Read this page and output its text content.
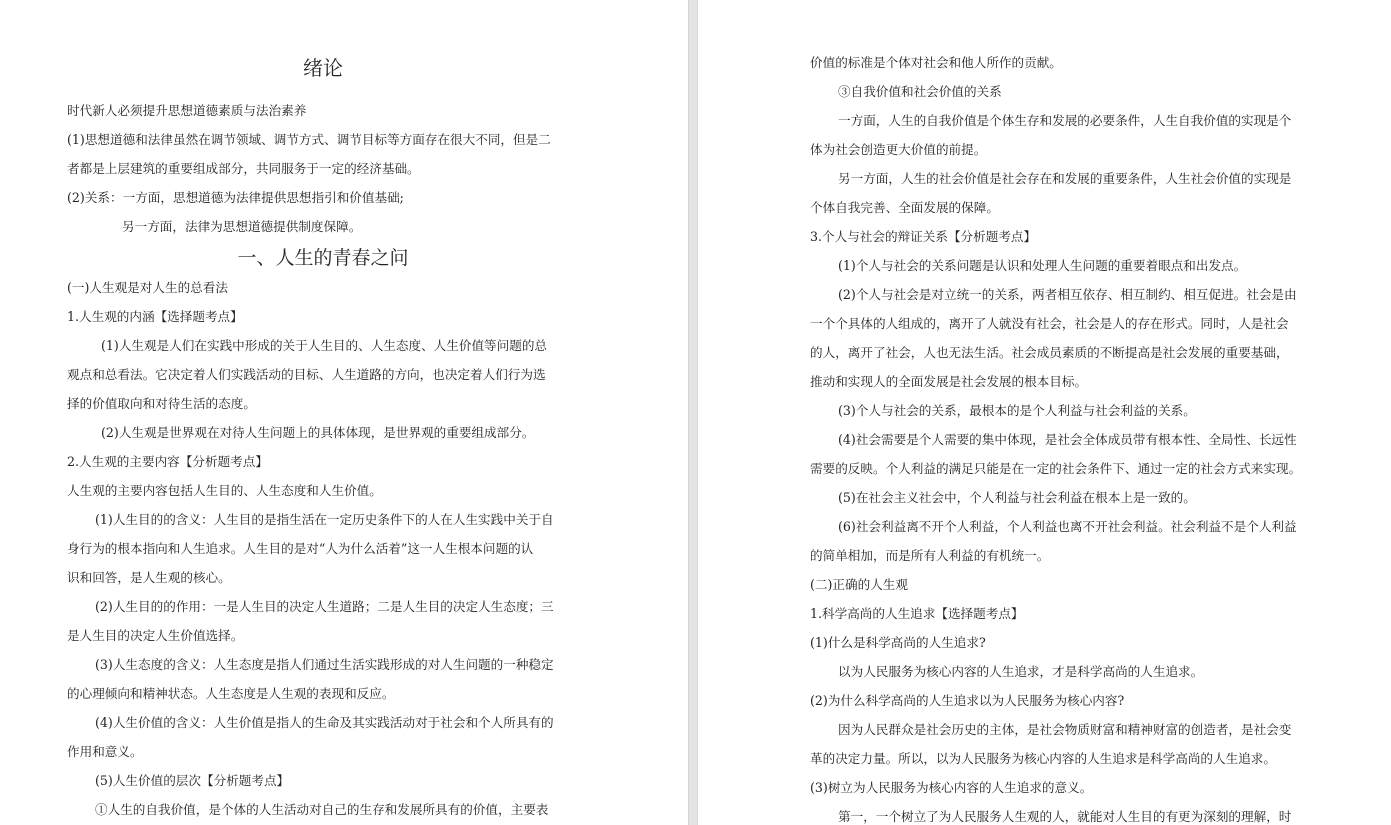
绪论
时代新人必须提升思想道德素质与法治素养
(1)思想道德和法律虽然在调节领域、调节方式、调节目标等方面存在很大不同，但是二
者都是上层建筑的重要组成部分，共同服务于一定的经济基础。
(2)关系：一方面，思想道德为法律提供思想指引和价值基础;
另一方面，法律为思想道德提供制度保障。
一、人生的青春之问
(一)人生观是对人生的总看法
1.人生观的内涵【选择题考点】
(1)人生观是人们在实践中形成的关于人生目的、人生态度、人生价值等问题的总
观点和总看法。它决定着人们实践活动的目标、人生道路的方向，也决定着人们行为选
择的价值取向和对待生活的态度。
(2)人生观是世界观在对待人生问题上的具体体现，是世界观的重要组成部分。
2.人生观的主要内容【分析题考点】
人生观的主要内容包括人生目的、人生态度和人生价值。
(1)人生目的的含义：人生目的是指生活在一定历史条件下的人在人生实践中关于自
身行为的根本指向和人生追求。人生目的是对“人为什么活着”这一人生根本问题的认
识和回答，是人生观的核心。
(2)人生目的的作用：一是人生目的决定人生道路；二是人生目的决定人生态度；三
是人生目的决定人生价值选择。
(3)人生态度的含义：人生态度是指人们通过生活实践形成的对人生问题的一种稳定
的心理倾向和精神状态。人生态度是人生观的表现和反应。
(4)人生价值的含义：人生价值是指人的生命及其实践活动对于社会和个人所具有的
作用和意义。
(5)人生价值的层次【分析题考点】
①人生的自我价值，是个体的人生活动对自己的生存和发展所具有的价值，主要表
价值的标准是个体对社会和他人所作的贡献。
③自我价值和社会价值的关系
一方面，人生的自我价值是个体生存和发展的必要条件，人生自我价值的实现是个
体为社会创造更大价值的前提。
另一方面，人生的社会价值是社会存在和发展的重要条件，人生社会价值的实现是
个体自我完善、全面发展的保障。
3.个人与社会的辩证关系【分析题考点】
(1)个人与社会的关系问题是认识和处理人生问题的重要着眼点和出发点。
(2)个人与社会是对立统一的关系，两者相互依存、相互制约、相互促进。社会是由
一个个具体的人组成的，离开了人就没有社会，社会是人的存在形式。同时，人是社会
的人，离开了社会，人也无法生活。社会成员素质的不断提高是社会发展的重要基础，
推动和实现人的全面发展是社会发展的根本目标。
(3)个人与社会的关系，最根本的是个人利益与社会利益的关系。
(4)社会需要是个人需要的集中体现，是社会全体成员带有根本性、全局性、长远性
需要的反映。个人利益的满足只能是在一定的社会条件下、通过一定的社会方式来实现。
(5)在社会主义社会中，个人利益与社会利益在根本上是一致的。
(6)社会利益离不开个人利益，个人利益也离不开社会利益。社会利益不是个人利益
的简单相加，而是所有人利益的有机统一。
(二)正确的人生观
1.科学高尚的人生追求【选择题考点】
(1)什么是科学高尚的人生追求?
以为人民服务为核心内容的人生追求，才是科学高尚的人生追求。
(2)为什么科学高尚的人生追求以为人民服务为核心内容?
因为人民群众是社会历史的主体，是社会物质财富和精神财富的创造者，是社会变
革的决定力量。所以，以为人民服务为核心内容的人生追求是科学高尚的人生追求。
(3)树立为人民服务为核心内容的人生追求的意义。
第一，一个树立了为人民服务人生观的人，就能对人生目的有更为深刻的理解，时
